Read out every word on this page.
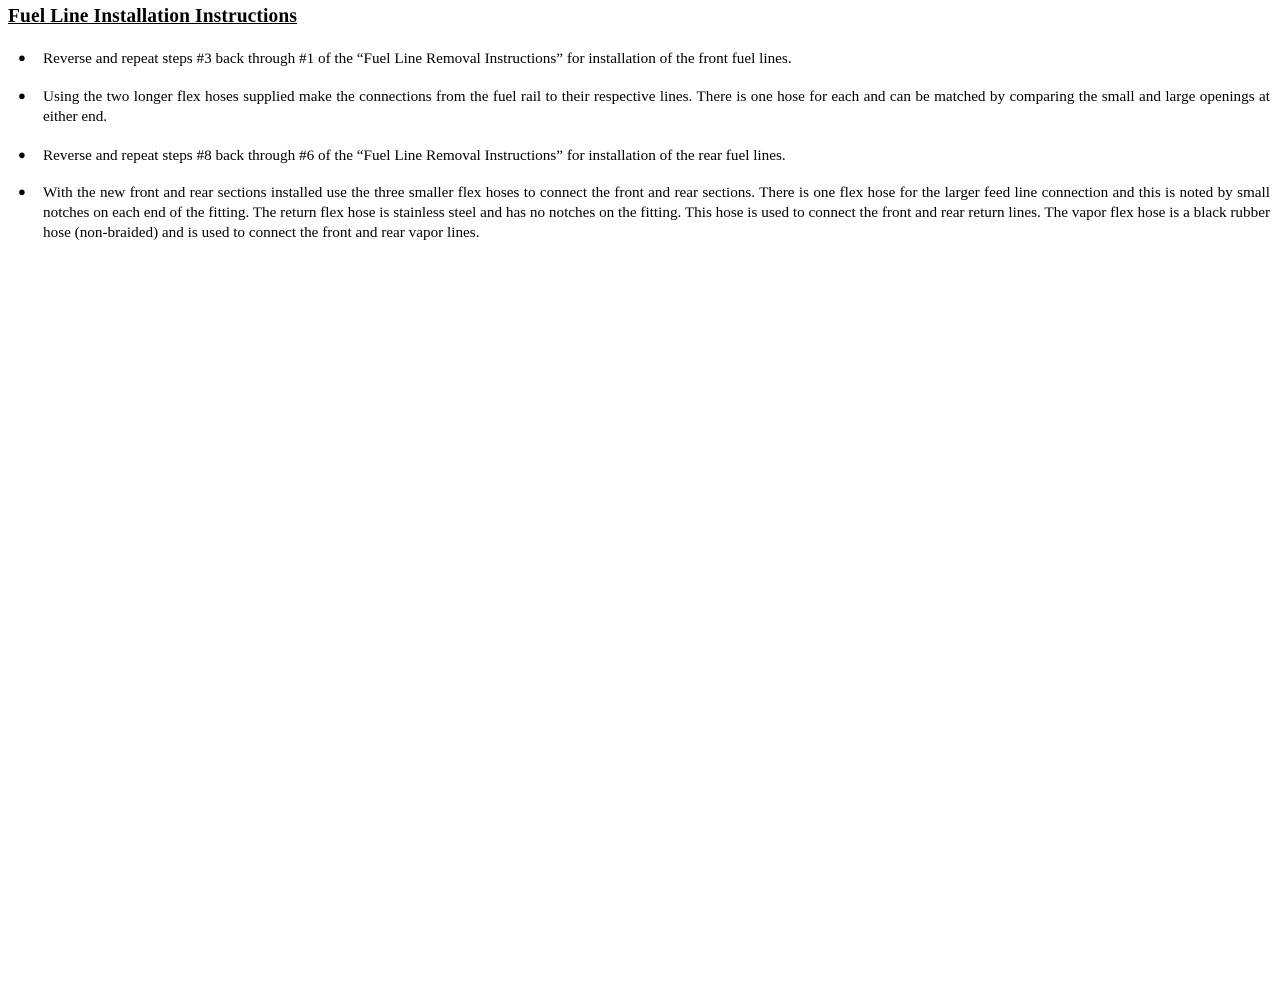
Fuel Line Installation Instructions
● Reverse and repeat steps #3 back through #1 of the “Fuel Line Removal Instructions” for installation of the front fuel lines.
● Using the two longer flex hoses supplied make the connections from the fuel rail to their respective lines. There is one hose for each and can be matched by comparing the small and large openings at either end.
● Reverse and repeat steps #8 back through #6 of the “Fuel Line Removal Instructions” for installation of the rear fuel lines.
● With the new front and rear sections installed use the three smaller flex hoses to connect the front and rear sections. There is one flex hose for the larger feed line connection and this is noted by small notches on each end of the fitting. The return flex hose is stainless steel and has no notches on the fitting. This hose is used to connect the front and rear return lines. The vapor flex hose is a black rubber hose (non-braided) and is used to connect the front and rear vapor lines.
